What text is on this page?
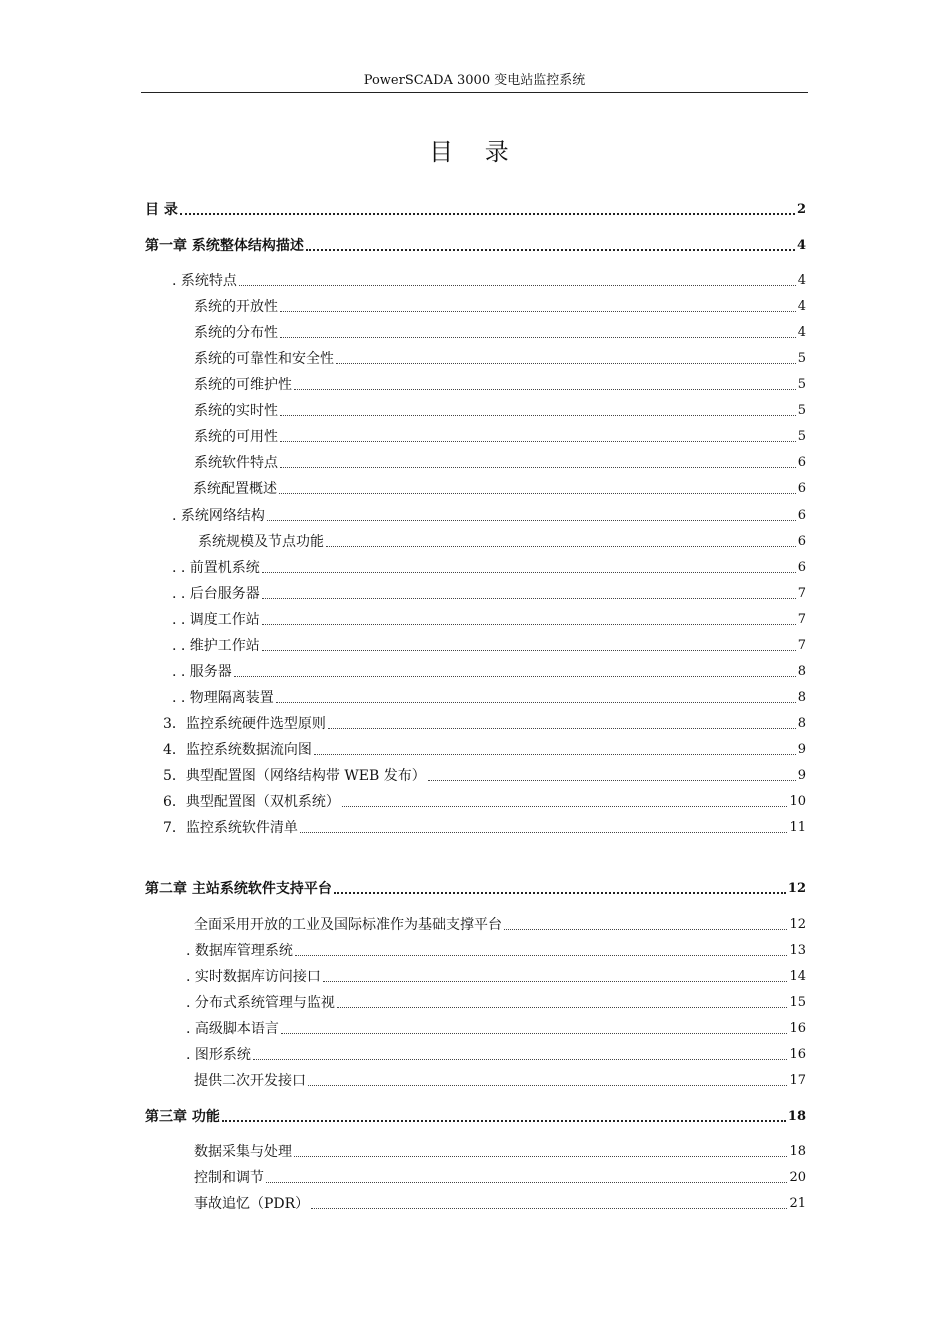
PowerSCADA 3000 变电站监控系统
目 录
目 录	2
第一章 系统整体结构描述	4
. 系统特点	4
系统的开放性	4
系统的分布性	4
系统的可靠性和安全性	5
系统的可维护性	5
系统的实时性	5
系统的可用性	5
系统软件特点	6
系统配置概述	6
. 系统网络结构	6
系统规模及节点功能	6
. . 前置机系统	6
. . 后台服务器	7
. . 调度工作站	7
. . 维护工作站	7
. . 服务器	8
. . 物理隔离装置	8
3．监控系统硬件选型原则	8
4．监控系统数据流向图	9
5．典型配置图（网络结构带 WEB 发布）	9
6．典型配置图（双机系统）	10
7．监控系统软件清单	11
第二章 主站系统软件支持平台	12
全面采用开放的工业及国际标准作为基础支撑平台	12
. 数据库管理系统	13
. 实时数据库访问接口	14
. 分布式系统管理与监视	15
. 高级脚本语言	16
. 图形系统	16
提供二次开发接口	17
第三章 功能	18
数据采集与处理	18
控制和调节	20
事故追忆（PDR）	21
